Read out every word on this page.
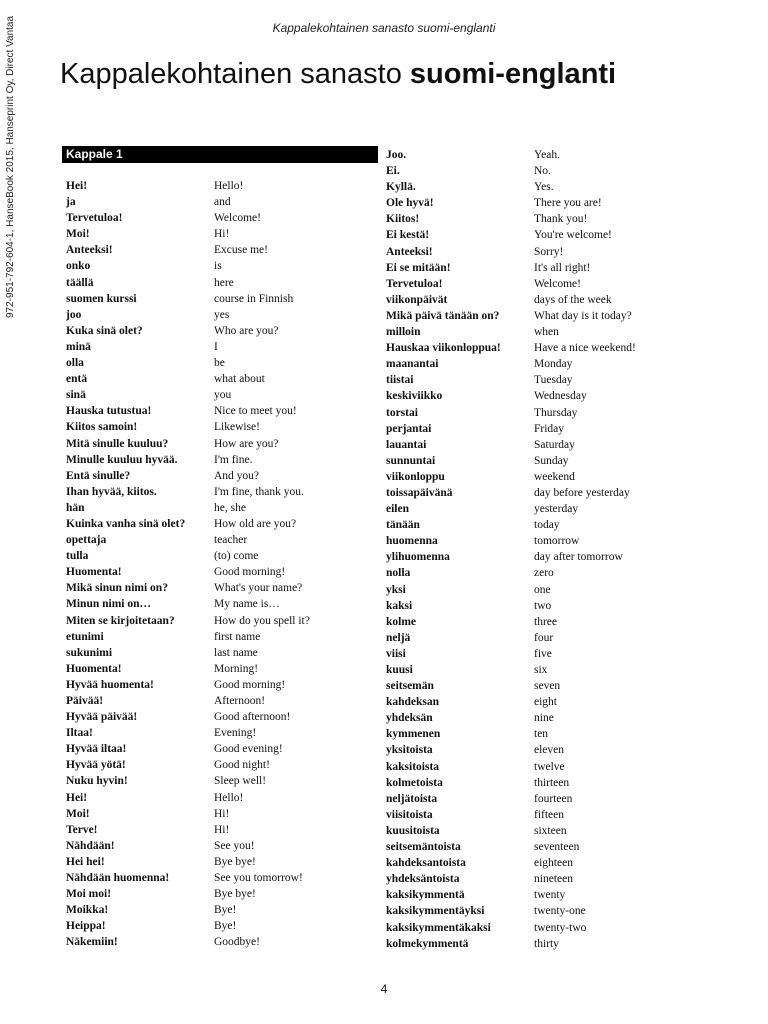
972-951-792-604-1, HanseBook 2015, Hanseprint Oy, Direct Vantaa	Kappalekohtainen sanasto suomi-englanti
Kappalekohtainen sanasto suomi-englanti
Kappale 1
Hei!	Hello!
ja	and
Tervetuloa!	Welcome!
Moi!	Hi!
Anteeksi!	Excuse me!
onko	is
täällä	here
suomen kurssi	course in Finnish
joo	yes
Kuka sinä olet?	Who are you?
minä	I
olla	be
entä	what about
sinä	you
Hauska tutustua!	Nice to meet you!
Kiitos samoin!	Likewise!
Mitä sinulle kuuluu?	How are you?
Minulle kuuluu hyvää.	I'm fine.
Entä sinulle?	And you?
Ihan hyvää, kiitos.	I'm fine, thank you.
hän	he, she
Kuinka vanha sinä olet?	How old are you?
opettaja	teacher
tulla	(to) come
Huomenta!	Good morning!
Mikä sinun nimi on?	What's your name?
Minun nimi on…	My name is…
Miten se kirjoitetaan?	How do you spell it?
etunimi	first name
sukunimi	last name
Huomenta!	Morning!
Hyvää huomenta!	Good morning!
Päivää!	Afternoon!
Hyvää päivää!	Good afternoon!
Iltaa!	Evening!
Hyvää iltaa!	Good evening!
Hyvää yötä!	Good night!
Nuku hyvin!	Sleep well!
Hei!	Hello!
Moi!	Hi!
Terve!	Hi!
Nähdään!	See you!
Hei hei!	Bye bye!
Nähdään huomenna!	See you tomorrow!
Moi moi!	Bye bye!
Moikka!	Bye!
Heippa!	Bye!
Näkemiin!	Goodbye!
Joo.	Yeah.
Ei.	No.
Kyllä.	Yes.
Ole hyvä!	There you are!
Kiitos!	Thank you!
Ei kestä!	You're welcome!
Anteeksi!	Sorry!
Ei se mitään!	It's all right!
Tervetuloa!	Welcome!
viikonpäivät	days of the week
Mikä päivä tänään on?	What day is it today?
milloin	when
Hauskaa viikonloppua!	Have a nice weekend!
maanantai	Monday
tiistai	Tuesday
keskiviikko	Wednesday
torstai	Thursday
perjantai	Friday
lauantai	Saturday
sunnuntai	Sunday
viikonloppu	weekend
toissapäivänä	day before yesterday
eilen	yesterday
tänään	today
huomenna	tomorrow
ylihuomenna	day after tomorrow
nolla	zero
yksi	one
kaksi	two
kolme	three
neljä	four
viisi	five
kuusi	six
seitsemän	seven
kahdeksan	eight
yhdeksän	nine
kymmenen	ten
yksitoista	eleven
kaksitoista	twelve
kolmetoista	thirteen
neljätoista	fourteen
viisitoista	fifteen
kuusitoista	sixteen
seitsemäntoista	seventeen
kahdeksantoista	eighteen
yhdeksäntoista	nineteen
kaksikymmentä	twenty
kaksikymmentäyksi	twenty-one
kaksikymmentäkaksi	twenty-two
kolmekymmentä	thirty
4
